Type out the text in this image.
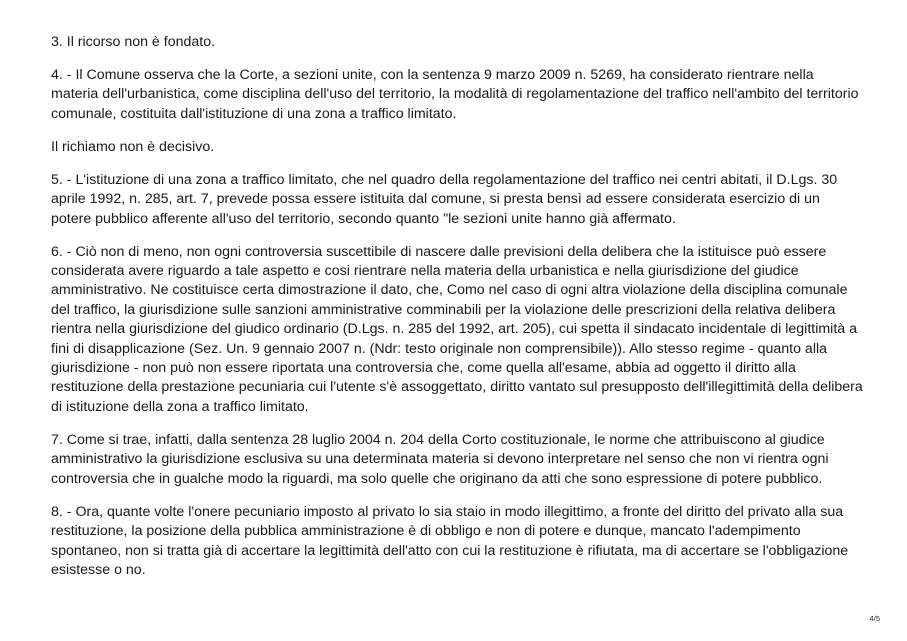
3. Il ricorso non è fondato.

4. - Il Comune osserva che la Corte, a sezioni unite, con la sentenza 9 marzo 2009 n. 5269, ha considerato rientrare nella materia dell'urbanistica, come disciplina dell'uso del territorio, la modalità di regolamentazione del traffico nell'ambito del territorio comunale, costituita dall'istituzione di una zona a traffico limitato.

Il richiamo non è decisivo.

5. - L'istituzione di una zona a traffico limitato, che nel quadro della regolamentazione del traffico nei centri abitati, il D.Lgs. 30 aprile 1992, n. 285, art. 7, prevede possa essere istituita dal comune, si presta bensì ad essere considerata esercizio di un potere pubblico afferente all'uso del territorio, secondo quanto "le sezioni unite hanno già affermato.

6. - Ciò non di meno, non ogni controversia suscettibile di nascere dalle previsioni della delibera che la istituisce può essere considerata avere riguardo a tale aspetto e cosi rientrare nella materia della urbanistica e nella giurisdizione del giudice amministrativo. Ne costituisce certa dimostrazione il dato, che, Como nel caso di ogni altra violazione della disciplina comunale del traffico, la giurisdizione sulle sanzioni amministrative comminabili per la violazione delle prescrizioni della relativa delibera rientra nella giurisdizione del giudico ordinario (D.Lgs. n. 285 del 1992, art. 205), cui spetta il sindacato incidentale di legittimità a fini di disapplicazione (Sez. Un. 9 gennaio 2007 n. (Ndr: testo originale non comprensibile)). Allo stesso regime - quanto alla giurisdizione - non può non essere riportata una controversia che, come quella all'esame, abbia ad oggetto il diritto alla restituzione della prestazione pecuniaria cui l'utente s'è assoggettato, diritto vantato sul presupposto dell'illegittimità della delibera di istituzione della zona a traffico limitato.

7. Come si trae, infatti, dalla sentenza 28 luglio 2004 n. 204 della Corto costituzionale, le norme che attribuiscono al giudice amministrativo la giurisdizione esclusiva su una determinata materia si devono interpretare nel senso che non vi rientra ogni controversia che in gualche modo la riguardi, ma solo quelle che originano da atti che sono espressione di potere pubblico.

8. - Ora, quante volte l'onere pecuniario imposto al privato lo sia staio in modo illegittimo, a fronte del diritto del privato alla sua restituzione, la posizione della pubblica amministrazione è di obbligo e non di potere e dunque, mancato l'adempimento spontaneo, non si tratta già di accertare la legittimità dell'atto con cui la restituzione è rifiutata, ma di accertare se l'obbligazione esistesse o no.

4/5
